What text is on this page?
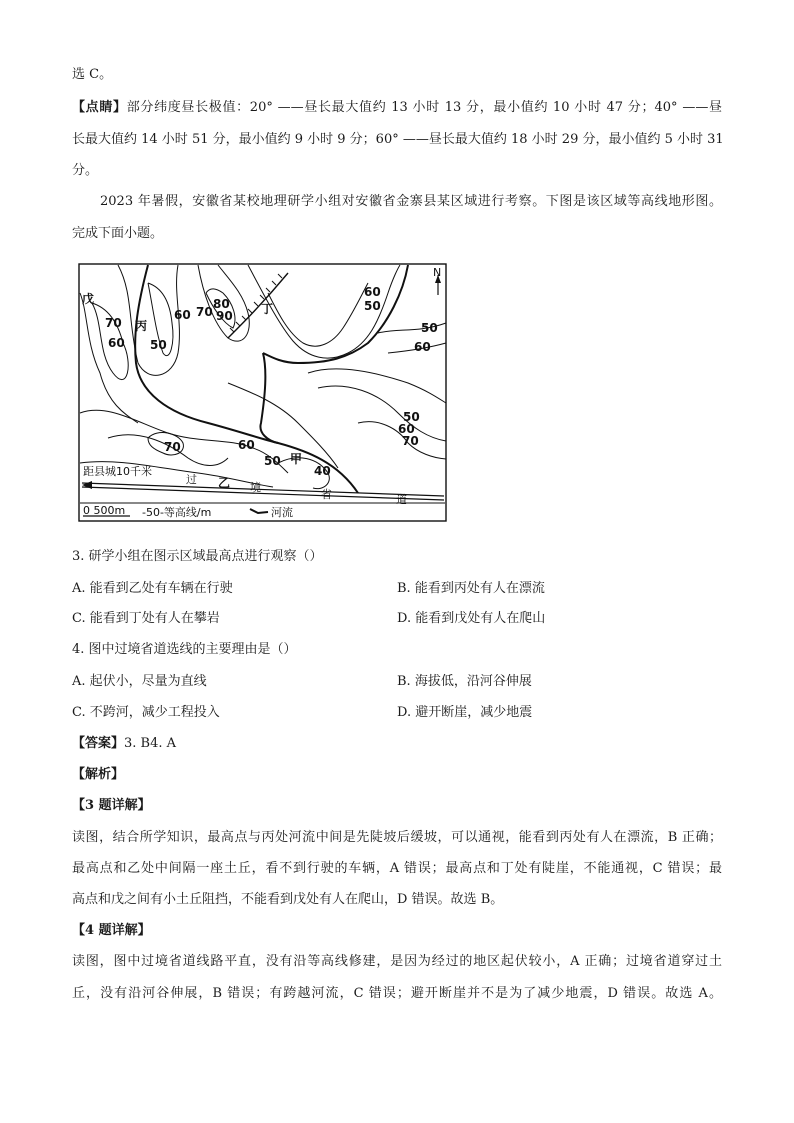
选 C。
【点睛】部分纬度昼长极值：20° ——昼长最大值约 13 小时 13 分，最小值约 10 小时 47 分；40° ——昼
长最大值约 14 小时 51 分，最小值约 9 小时 9 分；60° ——昼长最大值约 18 小时 29 分，最小值约 5 小时 31
分。
2023 年暑假，安徽省某校地理研学小组对安徽省金寨县某区域进行考察。下图是该区域等高线地形图。
完成下面小题。
N
戊
丙
丁
甲
乙
70
60 50
60 70
80
90
60
50
50
60
50
60
70
70	60
50
40
距县城10千米
过
境
省	道
0 500m -50-等高线/m	河流
3. 研学小组在图示区域最高点进行观察（）
A. 能看到乙处有车辆在行驶	B. 能看到丙处有人在漂流
C. 能看到丁处有人在攀岩	D. 能看到戊处有人在爬山
4. 图中过境省道选线的主要理由是（）
A. 起伏小，尽量为直线	B. 海拔低，沿河谷伸展
C. 不跨河，减少工程投入	D. 避开断崖，减少地震
【答案】3. B4. A
【解析】
【3 题详解】
读图，结合所学知识，最高点与丙处河流中间是先陡坡后缓坡，可以通视，能看到丙处有人在漂流，B 正确；
最高点和乙处中间隔一座土丘，看不到行驶的车辆，A 错误；最高点和丁处有陡崖，不能通视，C 错误；最
高点和戊之间有小土丘阻挡，不能看到戊处有人在爬山，D 错误。故选 B。
【4 题详解】
读图，图中过境省道线路平直，没有沿等高线修建，是因为经过的地区起伏较小，A 正确；过境省道穿过土
丘，没有沿河谷伸展，B 错误；有跨越河流，C 错误；避开断崖并不是为了减少地震，D 错误。故选 A。
